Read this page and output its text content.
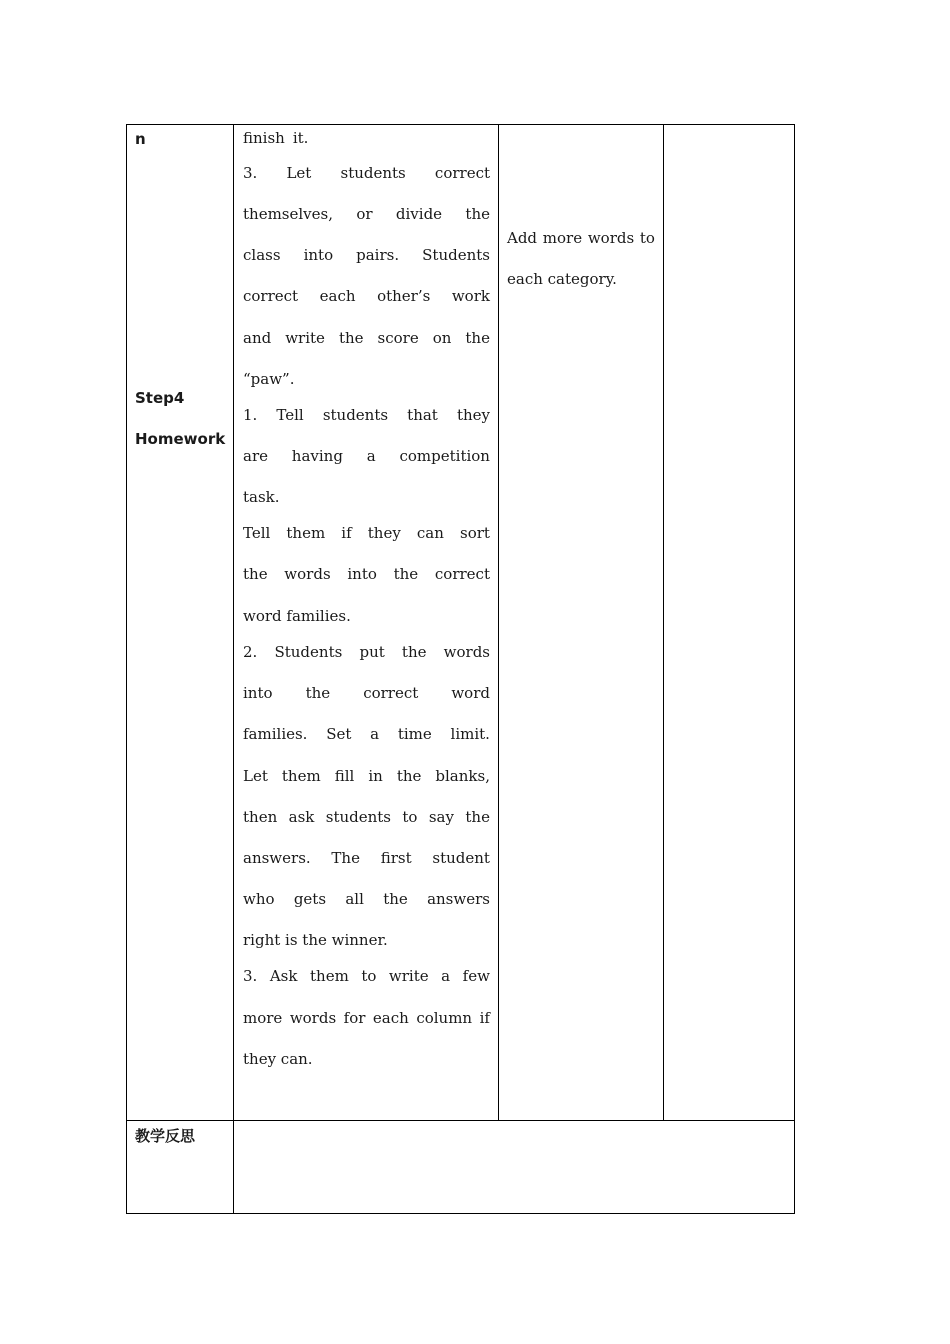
n
Step4
Homework
finish it.
3. Let students correct
themselves, or divide the
class into pairs. Students
correct each other’s work
and write the score on the
“paw”.
1. Tell students that they
are having a competition
task.
Tell them if they can sort
the words into the correct
word families.
2. Students put the words
into the correct word
families. Set a time limit.
Let them fill in the blanks,
then ask students to say the
answers. The first student
who gets all the answers
right is the winner.
3. Ask them to write a few
more words for each column if
they can.
Add more words to
each category.
教学反思
